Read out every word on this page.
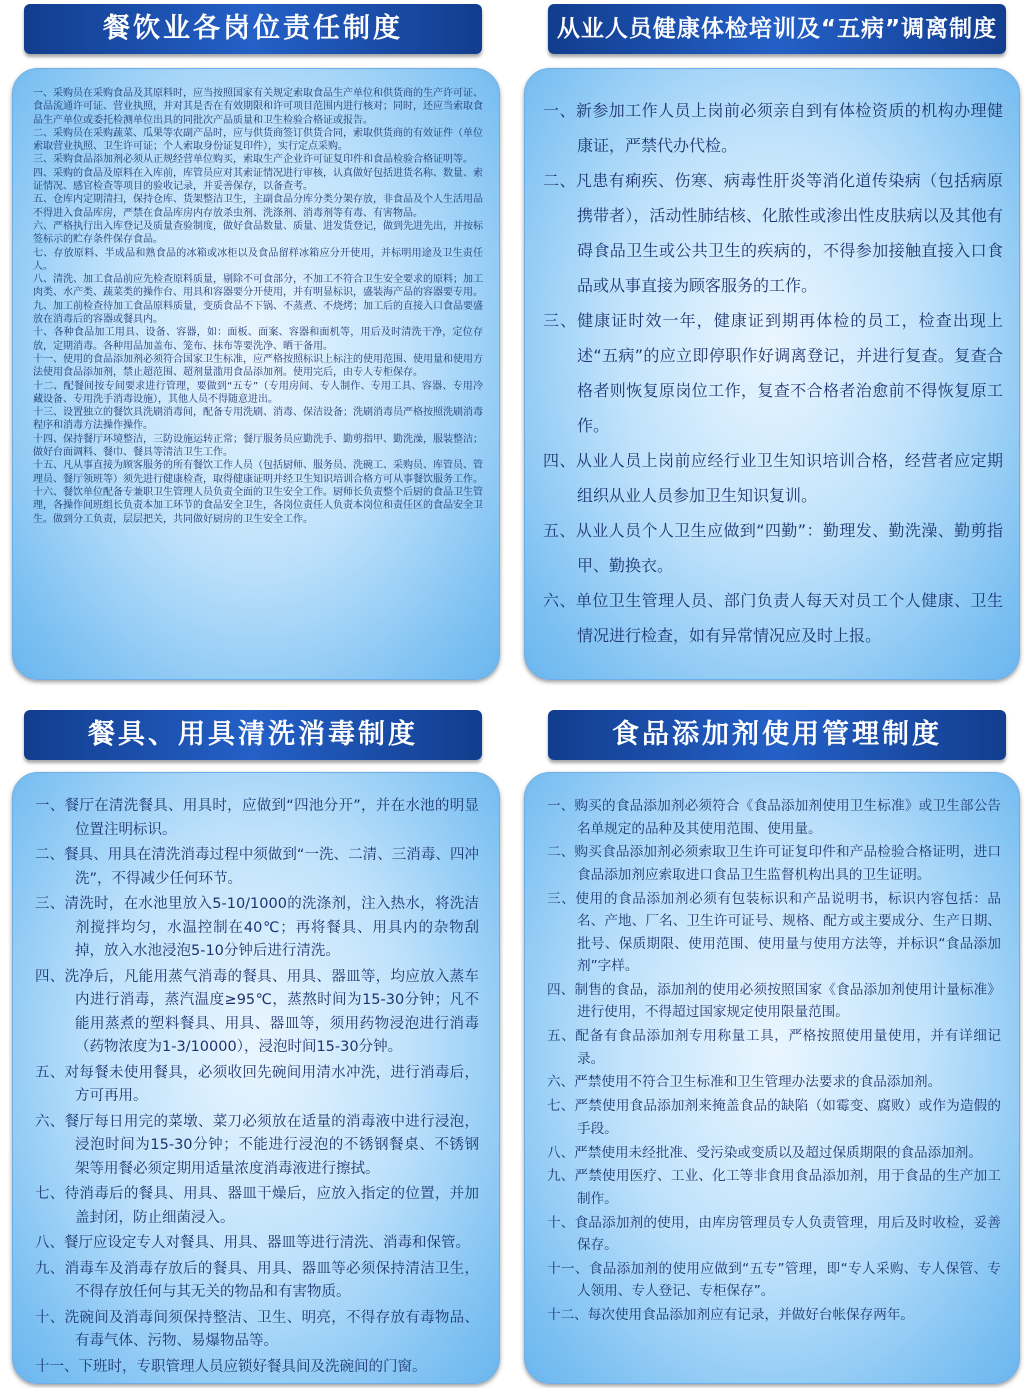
餐饮业各岗位责任制度
一、采购员在采购食品及其原料时，应当按照国家有关规定索取食品生产单位和供货商的生产许可证、食品流通许可证、营业执照，并对其是否在有效期限和许可项目范围内进行核对；同时，还应当索取食品生产单位或委托检测单位出具的同批次产品质量和卫生检验合格证或报告。
二、采购员在采购蔬菜、瓜果等农副产品时，应与供货商签订供货合同，索取供货商的有效证件（单位索取营业执照、卫生许可证；个人索取身份证复印件），实行定点采购。
三、采购食品添加剂必须从正规经营单位购买，索取生产企业许可证复印件和食品检验合格证明等。
四、采购的食品及原料在入库前，库管员应对其索证情况进行审核，认真做好包括进货名称、数量、索证情况、感官检查等项目的验收记录，并妥善保存，以备查考。
五、仓库内定期清扫，保持仓库、货架整洁卫生，主副食品分库分类分架存放，非食品及个人生活用品不得进入食品库房，严禁在食品库房内存放杀虫剂、洗涤剂、消毒剂等有毒、有害物品。
六、严格执行出入库登记及质量查验制度，做好食品数量、质量、进发货登记，做到先进先出，并按标签标示的贮存条件保存食品。
七、存放原料、半成品和熟食品的冰箱或冰柜以及食品留样冰箱应分开使用，并标明用途及卫生责任人。
八、清洗、加工食品前应先检查原料质量，剔除不可食部分，不加工不符合卫生安全要求的原料；加工肉类、水产类、蔬菜类的操作台、用具和容器要分开使用，并有明显标识，盛装海产品的容器要专用。
九、加工前检查待加工食品原料质量，变质食品不下锅、不蒸煮、不烧烤；加工后的直接入口食品要盛放在消毒后的容器或餐具内。
十、各种食品加工用具、设备、容器，如：面板、面案、容器和面机等，用后及时清洗干净，定位存放，定期消毒。各种用品加盖布、笼布、抹布等要洗净、晒干备用。
十一、使用的食品添加剂必须符合国家卫生标准，应严格按照标识上标注的使用范围、使用量和使用方法使用食品添加剂，禁止超范围、超剂量滥用食品添加剂。使用完后，由专人专柜保存。
十二、配餐间按专间要求进行管理，要做到“五专”（专用房间、专人制作、专用工具、容器、专用冷藏设备、专用洗手消毒设施），其他人员不得随意进出。
十三、设置独立的餐饮具洗刷消毒间，配备专用洗刷、消毒、保洁设备；洗刷消毒员严格按照洗刷消毒程序和消毒方法操作操作。
十四、保持餐厅环境整洁，三防设施运转正常；餐厅服务员应勤洗手、勤剪指甲、勤洗澡，服装整洁；做好台面调料、餐巾、餐具等清洁卫生工作。
十五、凡从事直接为顾客服务的所有餐饮工作人员（包括厨师、服务员、洗碗工、采购员、库管员、管理员、餐厅领班等）须先进行健康检查，取得健康证明并经卫生知识培训合格方可从事餐饮服务工作。
十六、餐饮单位配备专兼职卫生管理人员负责全面的卫生安全工作。厨师长负责整个后厨的食品卫生管理，各操作间班组长负责本加工环节的食品安全卫生，各岗位责任人负责本岗位和责任区的食品安全卫生。做到分工负责，层层把关，共同做好厨房的卫生安全工作。
从业人员健康体检培训及“五病”调离制度
一、新参加工作人员上岗前必须亲自到有体检资质的机构办理健康证，严禁代办代检。
二、凡患有痢疾、伤寒、病毒性肝炎等消化道传染病（包括病原携带者），活动性肺结核、化脓性或渗出性皮肤病以及其他有碍食品卫生或公共卫生的疾病的，不得参加接触直接入口食品或从事直接为顾客服务的工作。
三、健康证时效一年，健康证到期再体检的员工，检查出现上述“五病”的应立即停职作好调离登记，并进行复查。复查合格者则恢复原岗位工作，复查不合格者治愈前不得恢复原工作。
四、从业人员上岗前应经行业卫生知识培训合格，经营者应定期组织从业人员参加卫生知识复训。
五、从业人员个人卫生应做到“四勤”：勤理发、勤洗澡、勤剪指甲、勤换衣。
六、单位卫生管理人员、部门负责人每天对员工个人健康、卫生情况进行检查，如有异常情况应及时上报。
餐具、用具清洗消毒制度
一、餐厅在清洗餐具、用具时，应做到“四池分开”，并在水池的明显位置注明标识。
二、餐具、用具在清洗消毒过程中须做到“一洗、二清、三消毒、四冲洗”，不得减少任何环节。
三、清洗时，在水池里放入5-10/1000的洗涤剂，注入热水，将洗洁剂搅拌均匀，水温控制在40℃；再将餐具、用具内的杂物刮掉，放入水池浸泡5-10分钟后进行清洗。
四、洗净后，凡能用蒸气消毒的餐具、用具、器皿等，均应放入蒸车内进行消毒，蒸汽温度≥95℃，蒸熬时间为15-30分钟；凡不能用蒸煮的塑料餐具、用具、器皿等，须用药物浸泡进行消毒（药物浓度为1-3/10000），浸泡时间15-30分钟。
五、对每餐未使用餐具，必须收回先碗间用清水冲洗，进行消毒后，方可再用。
六、餐厅每日用完的菜墩、菜刀必须放在适量的消毒液中进行浸泡，浸泡时间为15-30分钟；不能进行浸泡的不锈钢餐桌、不锈钢架等用餐必须定期用适量浓度消毒液进行擦拭。
七、待消毒后的餐具、用具、器皿干燥后，应放入指定的位置，并加盖封闭，防止细菌浸入。
八、餐厅应设定专人对餐具、用具、器皿等进行清洗、消毒和保管。
九、消毒车及消毒存放后的餐具、用具、器皿等必须保持清洁卫生，不得存放任何与其无关的物品和有害物质。
十、洗碗间及消毒间须保持整洁、卫生、明亮，不得存放有毒物品、有毒气体、污物、易爆物品等。
十一、下班时，专职管理人员应锁好餐具间及洗碗间的门窗。
食品添加剂使用管理制度
一、购买的食品添加剂必须符合《食品添加剂使用卫生标准》或卫生部公告名单规定的品种及其使用范围、使用量。
二、购买食品添加剂必须索取卫生许可证复印件和产品检验合格证明，进口食品添加剂应索取进口食品卫生监督机构出具的卫生证明。
三、使用的食品添加剂必须有包装标识和产品说明书，标识内容包括：品名、产地、厂名、卫生许可证号、规格、配方或主要成分、生产日期、批号、保质期限、使用范围、使用量与使用方法等，并标识“食品添加剂”字样。
四、制售的食品，添加剂的使用必须按照国家《食品添加剂使用计量标准》进行使用，不得超过国家规定使用限量范围。
五、配备有食品添加剂专用称量工具，严格按照使用量使用，并有详细记录。
六、严禁使用不符合卫生标准和卫生管理办法要求的食品添加剂。
七、严禁使用食品添加剂来掩盖食品的缺陷（如霉变、腐败）或作为造假的手段。
八、严禁使用未经批准、受污染或变质以及超过保质期限的食品添加剂。
九、严禁使用医疗、工业、化工等非食用食品添加剂，用于食品的生产加工制作。
十、食品添加剂的使用，由库房管理员专人负责管理，用后及时收检，妥善保存。
十一、食品添加剂的使用应做到“五专”管理，即“专人采购、专人保管、专人领用、专人登记、专柜保存”。
十二、每次使用食品添加剂应有记录，并做好台帐保存两年。
